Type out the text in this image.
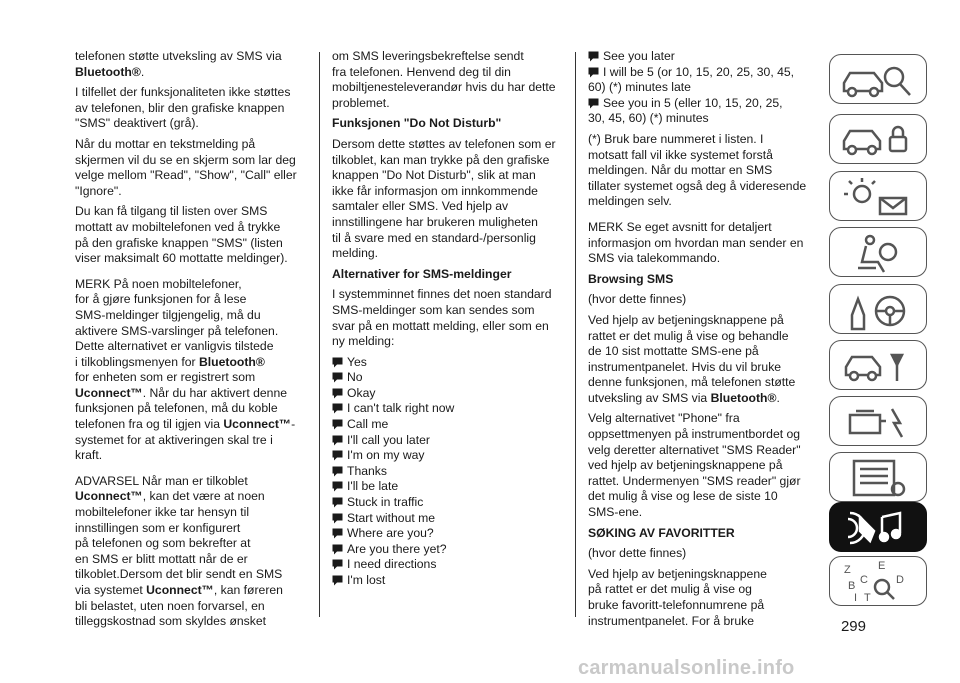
telefonen støtte utveksling av SMS via
Bluetooth®.
I tilfellet der funksjonaliteten ikke støttes
av telefonen, blir den grafiske knappen
"SMS" deaktivert (grå).
Når du mottar en tekstmelding på
skjermen vil du se en skjerm som lar deg
velge mellom "Read", "Show", "Call" eller
"Ignore".
Du kan få tilgang til listen over SMS
mottatt av mobiltelefonen ved å trykke
på den grafiske knappen "SMS" (listen
viser maksimalt 60 mottatte meldinger).
MERK På noen mobiltelefoner,
for å gjøre funksjonen for å lese
SMS-meldinger tilgjengelig, må du
aktivere SMS-varslinger på telefonen.
Dette alternativet er vanligvis tilstede
i tilkoblingsmenyen for Bluetooth®
for enheten som er registrert som
Uconnect™. Når du har aktivert denne
funksjonen på telefonen, må du koble
telefonen fra og til igjen via Uconnect™-
systemet for at aktiveringen skal tre i
kraft.
ADVARSEL Når man er tilkoblet
Uconnect™, kan det være at noen
mobiltelefoner ikke tar hensyn til
innstillingen som er konfigurert
på telefonen og som bekrefter at
en SMS er blitt mottatt når de er
tilkoblet.Dersom det blir sendt en SMS
via systemet Uconnect™, kan føreren
bli belastet, uten noen forvarsel, en
tilleggskostnad som skyldes ønsket
om SMS leveringsbekreftelse sendt
fra telefonen. Henvend deg til din
mobiltjenesteleverandør hvis du har dette
problemet.
Funksjonen "Do Not Disturb"
Dersom dette støttes av telefonen som er
tilkoblet, kan man trykke på den grafiske
knappen "Do Not Disturb", slik at man
ikke får informasjon om innkommende
samtaler eller SMS. Ved hjelp av
innstillingene har brukeren muligheten
til å svare med en standard-/personlig
melding.
Alternativer for SMS-meldinger
I systemminnet finnes det noen standard
SMS-meldinger som kan sendes som
svar på en mottatt melding, eller som en
ny melding:
Yes
No
Okay
I can't talk right now
Call me
I'll call you later
I'm on my way
Thanks
I'll be late
Stuck in traffic
Start without me
Where are you?
Are you there yet?
I need directions
I'm lost
See you later
I will be 5 (or 10, 15, 20, 25, 30, 45,
60) (*) minutes late
See you in 5 (eller 10, 15, 20, 25,
30, 45, 60) (*) minutes
(*) Bruk bare nummeret i listen. I
motsatt fall vil ikke systemet forstå
meldingen. Når du mottar en SMS
tillater systemet også deg å videresende
meldingen selv.
MERK Se eget avsnitt for detaljert
informasjon om hvordan man sender en
SMS via talekommando.
Browsing SMS
(hvor dette finnes)
Ved hjelp av betjeningsknappene på
rattet er det mulig å vise og behandle
de 10 sist mottatte SMS-ene på
instrumentpanelet. Hvis du vil bruke
denne funksjonen, må telefonen støtte
utveksling av SMS via Bluetooth®.
Velg alternativet "Phone" fra
oppsettmenyen på instrumentbordet og
velg deretter alternativet "SMS Reader"
ved hjelp av betjeningsknappene på
rattet. Undermenyen "SMS reader" gjør
det mulig å vise og lese de siste 10
SMS-ene.
SØKING AV FAVORITTER
(hvor dette finnes)
Ved hjelp av betjeningsknappene
på rattet er det mulig å vise og
bruke favoritt-telefonnumrene på
instrumentpanelet. For å bruke
Z E
B C
I T
D
299
carmanualsonline.info
